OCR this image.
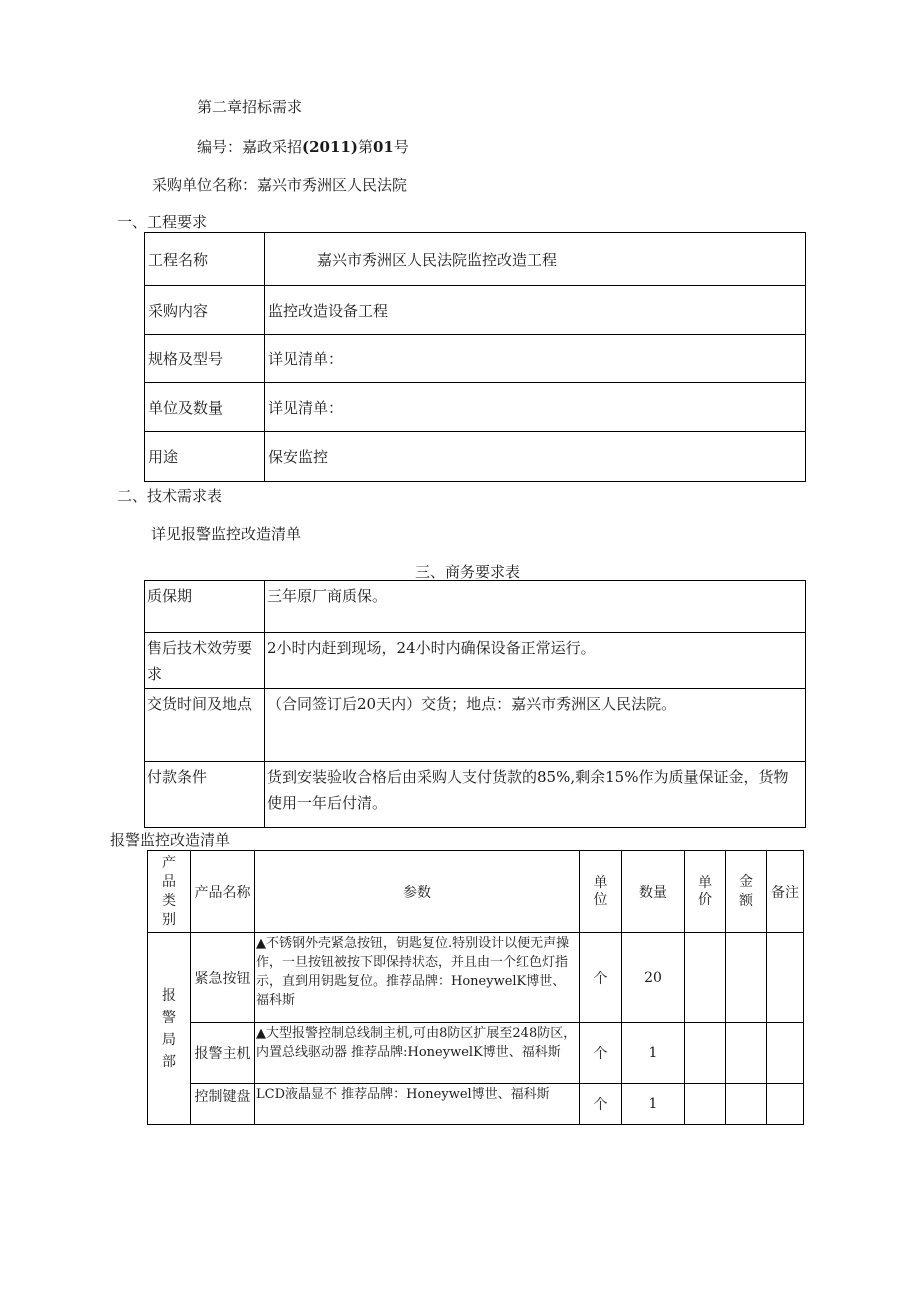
第二章招标需求
编号：嘉政采招(2011)第01号
采购单位名称：嘉兴市秀洲区人民法院
一、工程要求
工程名称	嘉兴市秀洲区人民法院监控改造工程
采购内容	监控改造设备工程
规格及型号	详见清单：
单位及数量	详见清单：
用途	保安监控
二、技术需求表
详见报警监控改造清单
三、商务要求表
质保期	三年原厂商质保。
售后技术效劳要求	2小时内赶到现场，24小时内确保设备正常运行。
交货时间及地点	（合同签订后20天内）交货；地点：嘉兴市秀洲区人民法院。
付款条件	货到安装验收合格后由采购人支付货款的85%,剩余15%作为质量保证金，货物使用一年后付清。
报警监控改造清单
产品类别	产品名称	参数	单位	数量	单价	金额	备注
报警局部	紧急按钮	▲不锈钢外壳紧急按钮，钥匙复位.特别设计以便无声操作，一旦按钮被按下即保持状态，并且由一个红色灯指示，直到用钥匙复位。推荐品牌：HoneywelK博世、福科斯	个	20			
	报警主机	▲大型报警控制总线制主机,可由8防区扩展至248防区，内置总线驱动器 推荐品牌:HoneywelK博世、福科斯	个	1			
	控制键盘	LCD液晶显不 推荐品牌：Honeywel博世、福科斯	个	1			
